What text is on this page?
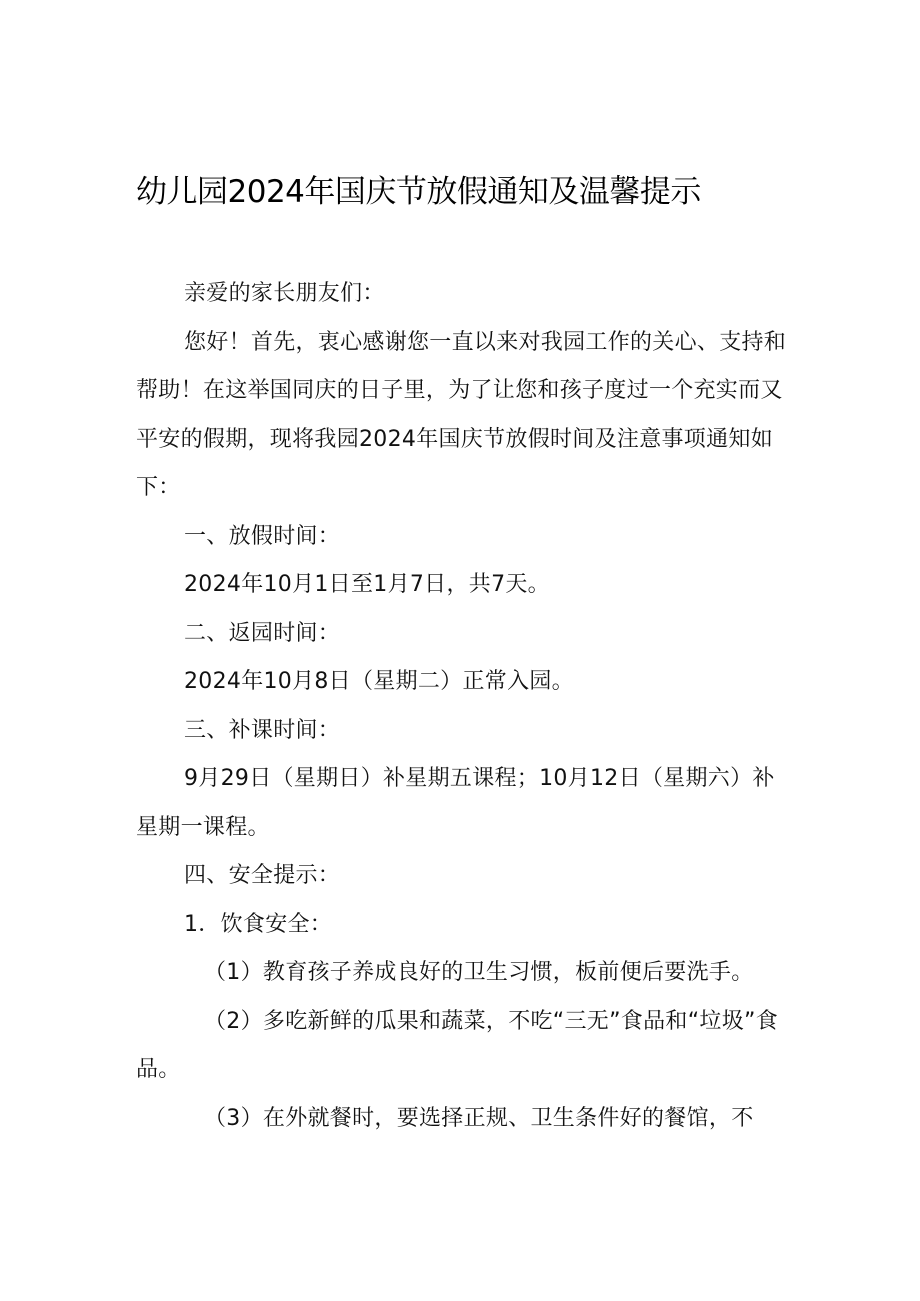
幼儿园2024年国庆节放假通知及温馨提示

亲爱的家长朋友们：

您好！首先，衷心感谢您一直以来对我园工作的关心、支持和帮助！在这举国同庆的日子里，为了让您和孩子度过一个充实而又平安的假期，现将我园2024年国庆节放假时间及注意事项通知如下：

一、放假时间：

2024年10月1日至1月7日，共7天。

二、返园时间：

2024年10月8日（星期二）正常入园。

三、补课时间：

9月29日（星期日）补星期五课程；10月12日（星期六）补星期一课程。

四、安全提示：

1．饮食安全：

（1）教育孩子养成良好的卫生习惯，板前便后要洗手。

（2）多吃新鲜的瓜果和蔬菜，不吃“三无”食品和“垃圾”食品。

（3）在外就餐时，要选择正规、卫生条件好的餐馆，不
